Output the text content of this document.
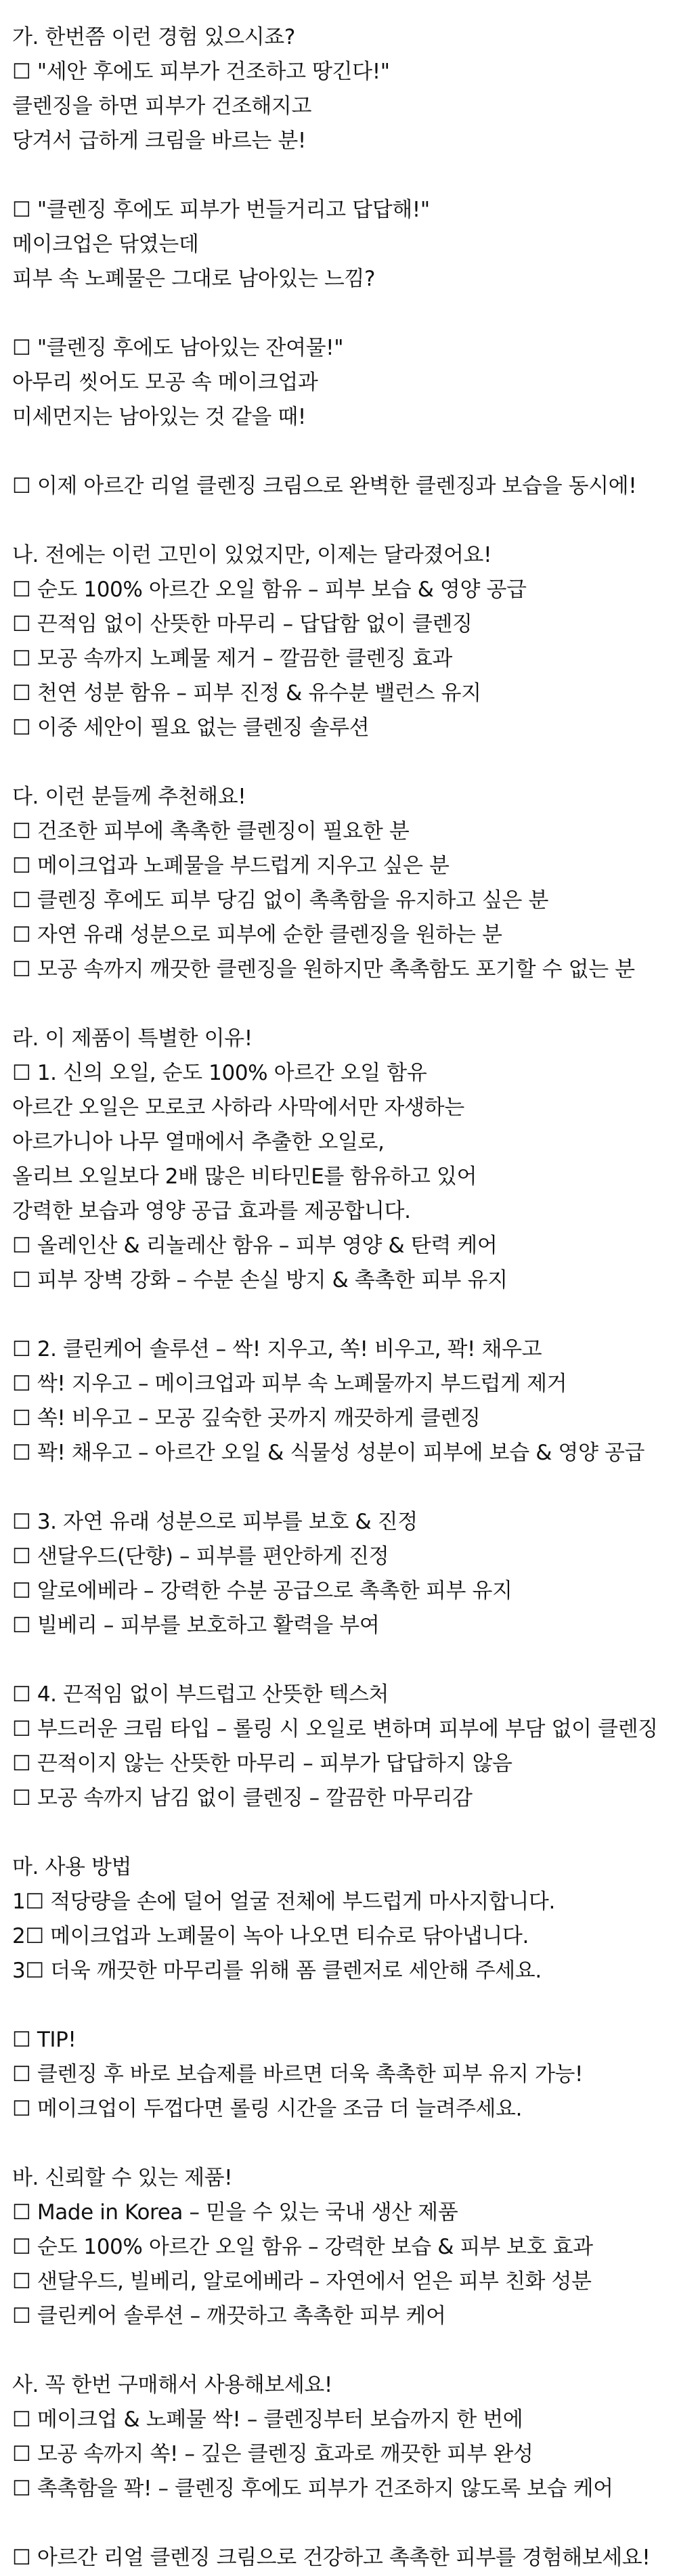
가. 한번쯤 이런 경험 있으시죠?
☐ "세안 후에도 피부가 건조하고 땅긴다!"
클렌징을 하면 피부가 건조해지고
당겨서 급하게 크림을 바르는 분!
☐ "클렌징 후에도 피부가 번들거리고 답답해!"
메이크업은 닦였는데
피부 속 노폐물은 그대로 남아있는 느낌?
☐ "클렌징 후에도 남아있는 잔여물!"
아무리 씻어도 모공 속 메이크업과
미세먼지는 남아있는 것 같을 때!
☐ 이제 아르간 리얼 클렌징 크림으로 완벽한 클렌징과 보습을 동시에!
나. 전에는 이런 고민이 있었지만, 이제는 달라졌어요!
☐ 순도 100% 아르간 오일 함유 – 피부 보습 & 영양 공급
☐ 끈적임 없이 산뜻한 마무리 – 답답함 없이 클렌징
☐ 모공 속까지 노폐물 제거 – 깔끔한 클렌징 효과
☐ 천연 성분 함유 – 피부 진정 & 유수분 밸런스 유지
☐ 이중 세안이 필요 없는 클렌징 솔루션
다. 이런 분들께 추천해요!
☐ 건조한 피부에 촉촉한 클렌징이 필요한 분
☐ 메이크업과 노폐물을 부드럽게 지우고 싶은 분
☐ 클렌징 후에도 피부 당김 없이 촉촉함을 유지하고 싶은 분
☐ 자연 유래 성분으로 피부에 순한 클렌징을 원하는 분
☐ 모공 속까지 깨끗한 클렌징을 원하지만 촉촉함도 포기할 수 없는 분
라. 이 제품이 특별한 이유!
☐ 1. 신의 오일, 순도 100% 아르간 오일 함유
아르간 오일은 모로코 사하라 사막에서만 자생하는
아르가니아 나무 열매에서 추출한 오일로,
올리브 오일보다 2배 많은 비타민E를 함유하고 있어
강력한 보습과 영양 공급 효과를 제공합니다.
☐ 올레인산 & 리놀레산 함유 – 피부 영양 & 탄력 케어
☐ 피부 장벽 강화 – 수분 손실 방지 & 촉촉한 피부 유지
☐ 2. 클린케어 솔루션 – 싹! 지우고, 쏙! 비우고, 꽉! 채우고
☐ 싹! 지우고 – 메이크업과 피부 속 노폐물까지 부드럽게 제거
☐ 쏙! 비우고 – 모공 깊숙한 곳까지 깨끗하게 클렌징
☐ 꽉! 채우고 – 아르간 오일 & 식물성 성분이 피부에 보습 & 영양 공급
☐ 3. 자연 유래 성분으로 피부를 보호 & 진정
☐ 샌달우드(단향) – 피부를 편안하게 진정
☐ 알로에베라 – 강력한 수분 공급으로 촉촉한 피부 유지
☐ 빌베리 – 피부를 보호하고 활력을 부여
☐ 4. 끈적임 없이 부드럽고 산뜻한 텍스처
☐ 부드러운 크림 타입 – 롤링 시 오일로 변하며 피부에 부담 없이 클렌징
☐ 끈적이지 않는 산뜻한 마무리 – 피부가 답답하지 않음
☐ 모공 속까지 남김 없이 클렌징 – 깔끔한 마무리감
마. 사용 방법
1☐ 적당량을 손에 덜어 얼굴 전체에 부드럽게 마사지합니다.
2☐ 메이크업과 노폐물이 녹아 나오면 티슈로 닦아냅니다.
3☐ 더욱 깨끗한 마무리를 위해 폼 클렌저로 세안해 주세요.
☐ TIP!
☐ 클렌징 후 바로 보습제를 바르면 더욱 촉촉한 피부 유지 가능!
☐ 메이크업이 두껍다면 롤링 시간을 조금 더 늘려주세요.
바. 신뢰할 수 있는 제품!
☐ Made in Korea – 믿을 수 있는 국내 생산 제품
☐ 순도 100% 아르간 오일 함유 – 강력한 보습 & 피부 보호 효과
☐ 샌달우드, 빌베리, 알로에베라 – 자연에서 얻은 피부 친화 성분
☐ 클린케어 솔루션 – 깨끗하고 촉촉한 피부 케어
사. 꼭 한번 구매해서 사용해보세요!
☐ 메이크업 & 노폐물 싹! – 클렌징부터 보습까지 한 번에
☐ 모공 속까지 쏙! – 깊은 클렌징 효과로 깨끗한 피부 완성
☐ 촉촉함을 꽉! – 클렌징 후에도 피부가 건조하지 않도록 보습 케어
☐ 아르간 리얼 클렌징 크림으로 건강하고 촉촉한 피부를 경험해보세요!
